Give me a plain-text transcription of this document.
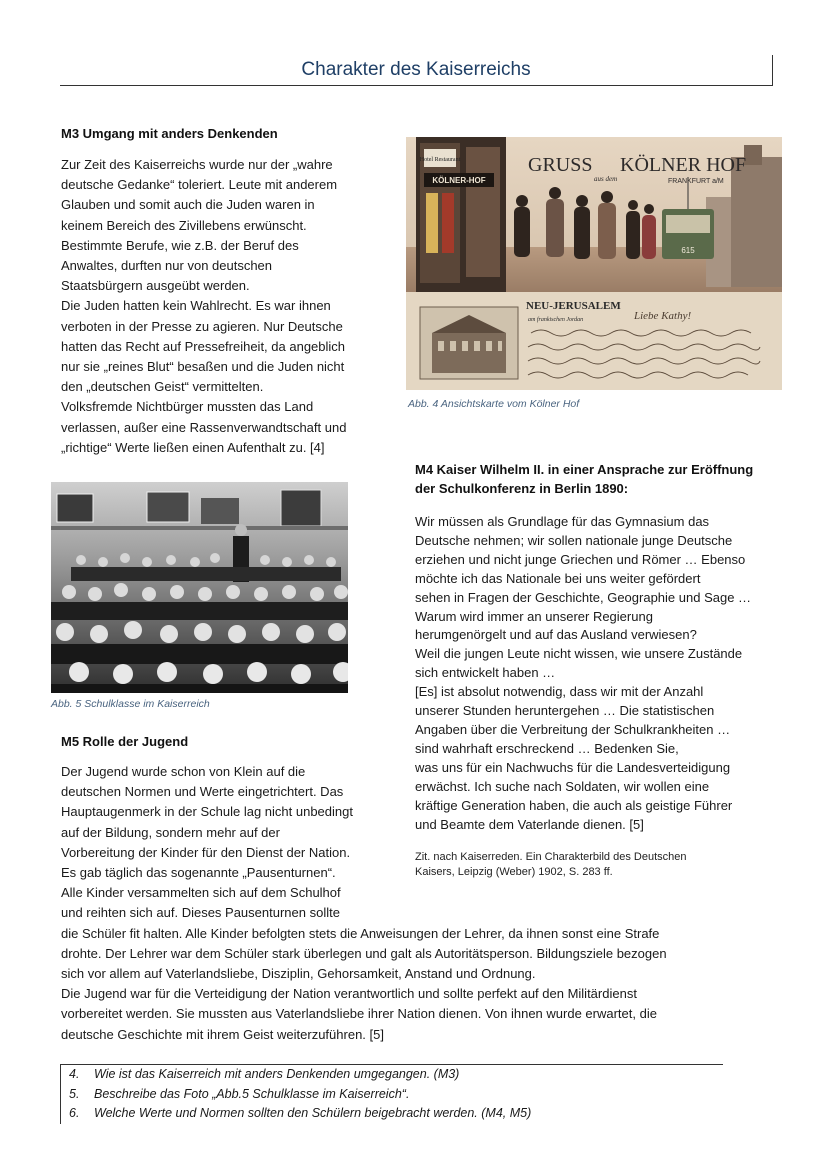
Charakter des Kaiserreichs
M3 Umgang mit anders Denkenden
Zur Zeit des Kaiserreichs wurde nur der „wahre
deutsche Gedanke“ toleriert. Leute mit anderem
Glauben und somit auch die Juden waren in
keinem Bereich des Zivillebens erwünscht.
Bestimmte Berufe, wie z.B. der Beruf des
Anwaltes, durften nur von deutschen
Staatsbürgern ausgeübt werden.
Die Juden hatten kein Wahlrecht. Es war ihnen
verboten in der Presse zu agieren. Nur Deutsche
hatten das Recht auf Pressefreiheit, da angeblich
nur sie „reines Blut“ besaßen und die Juden nicht
den „deutschen Geist“ vermittelten.
Volksfremde Nichtbürger mussten das Land
verlassen, außer eine Rassenverwandtschaft und
„richtige“ Werte ließen einen Aufenthalt zu. [4]
Hotel Restaurant
KÖLNER-HOF
615
GRUSS
aus dem
KÖLNER HOF
FRANKFURT a/M
NEU-JERUSALEM
am frankischen Jordan	Liebe Kathy!
Abb. 4 Ansichtskarte vom Kölner Hof
M4 Kaiser Wilhelm II. in einer Ansprache zur Eröffnung
der Schulkonferenz in Berlin 1890:
Wir müssen als Grundlage für das Gymnasium das
Deutsche nehmen; wir sollen nationale junge Deutsche
erziehen und nicht junge Griechen und Römer … Ebenso
möchte ich das Nationale bei uns weiter gefördert
sehen in Fragen der Geschichte, Geographie und Sage …
Warum wird immer an unserer Regierung
herumgenörgelt und auf das Ausland verwiesen?
Weil die jungen Leute nicht wissen, wie unsere Zustände
sich entwickelt haben …
[Es] ist absolut notwendig, dass wir mit der Anzahl
unserer Stunden heruntergehen … Die statistischen
Angaben über die Verbreitung der Schulkrankheiten …
sind wahrhaft erschreckend … Bedenken Sie,
was uns für ein Nachwuchs für die Landesverteidigung
erwächst. Ich suche nach Soldaten, wir wollen eine
kräftige Generation haben, die auch als geistige Führer
und Beamte dem Vaterlande dienen. [5]
Zit. nach Kaiserreden. Ein Charakterbild des Deutschen
Kaisers, Leipzig (Weber) 1902, S. 283 ff.
Abb. 5 Schulklasse im Kaiserreich
M5 Rolle der Jugend
Der Jugend wurde schon von Klein auf die
deutschen Normen und Werte eingetrichtert. Das
Hauptaugenmerk in der Schule lag nicht unbedingt
auf der Bildung, sondern mehr auf der
Vorbereitung der Kinder für den Dienst der Nation.
Es gab täglich das sogenannte „Pausenturnen“.
Alle Kinder versammelten sich auf dem Schulhof
und reihten sich auf. Dieses Pausenturnen sollte
die Schüler fit halten. Alle Kinder befolgten stets die Anweisungen der Lehrer, da ihnen sonst eine Strafe
drohte. Der Lehrer war dem Schüler stark überlegen und galt als Autoritätsperson. Bildungsziele bezogen
sich vor allem auf Vaterlandsliebe, Disziplin, Gehorsamkeit, Anstand und Ordnung.
Die Jugend war für die Verteidigung der Nation verantwortlich und sollte perfekt auf den Militärdienst
vorbereitet werden. Sie mussten aus Vaterlandsliebe ihrer Nation dienen. Von ihnen wurde erwartet, die
deutsche Geschichte mit ihrem Geist weiterzuführen. [5]
4.	Wie ist das Kaiserreich mit anders Denkenden umgegangen. (M3)
5.	Beschreibe das Foto „Abb.5 Schulklasse im Kaiserreich“.
6.	Welche Werte und Normen sollten den Schülern beigebracht werden. (M4, M5)
